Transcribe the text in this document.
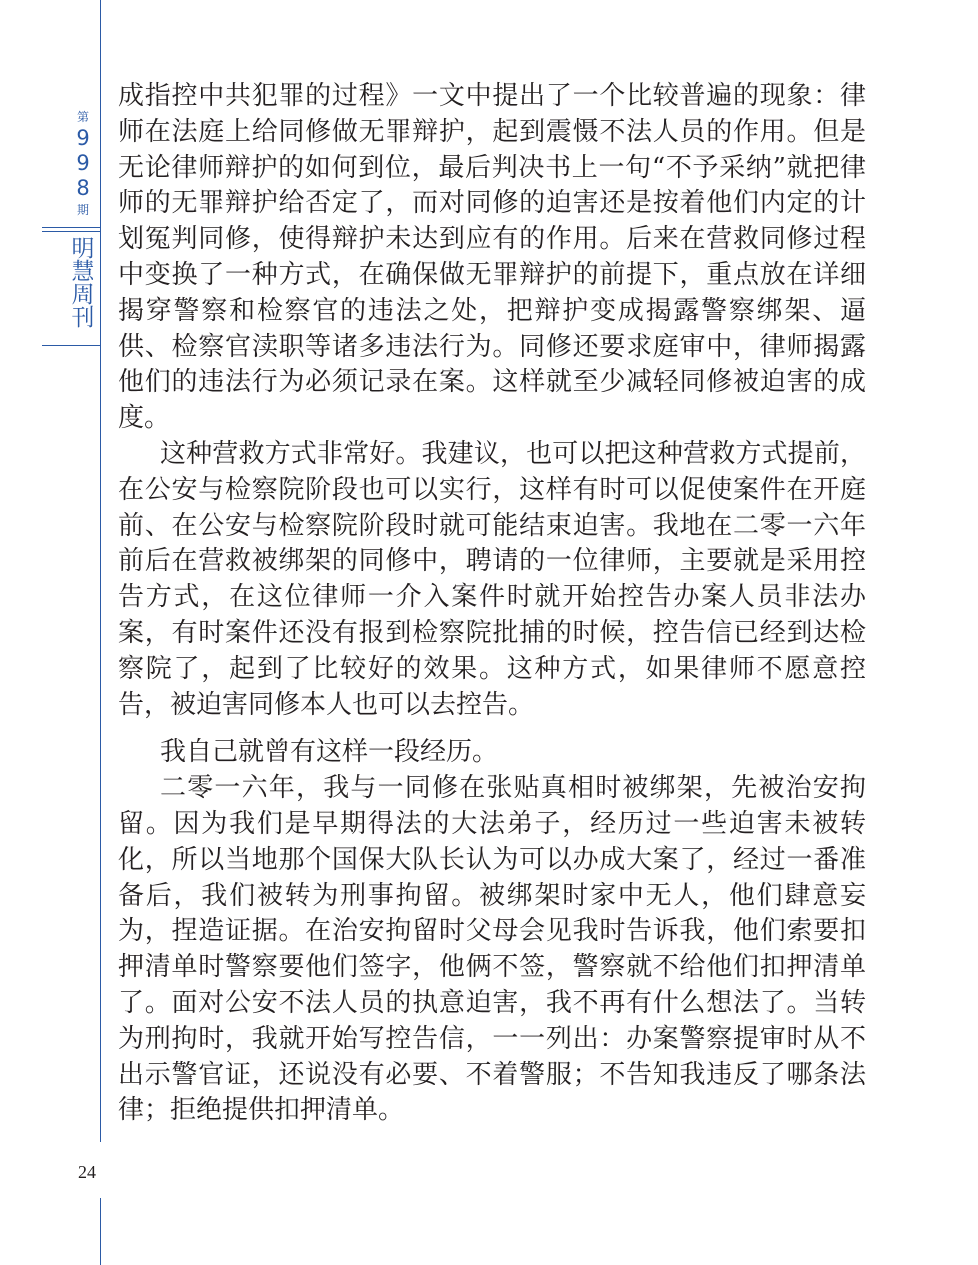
第
9
9
8
期
明
慧
周
刊
24

成指控中共犯罪的过程》一文中提出了一个比较普遍的现象：律师在法庭上给同修做无罪辩护，起到震慑不法人员的作用。但是无论律师辩护的如何到位，最后判决书上一句“不予采纳”就把律师的无罪辩护给否定了，而对同修的迫害还是按着他们内定的计划冤判同修，使得辩护未达到应有的作用。后来在营救同修过程中变换了一种方式，在确保做无罪辩护的前提下，重点放在详细揭穿警察和检察官的违法之处，把辩护变成揭露警察绑架、逼供、检察官渎职等诸多违法行为。同修还要求庭审中，律师揭露他们的违法行为必须记录在案。这样就至少减轻同修被迫害的成度。

这种营救方式非常好。我建议，也可以把这种营救方式提前，在公安与检察院阶段也可以实行，这样有时可以促使案件在开庭前、在公安与检察院阶段时就可能结束迫害。我地在二零一六年前后在营救被绑架的同修中，聘请的一位律师，主要就是采用控告方式，在这位律师一介入案件时就开始控告办案人员非法办案，有时案件还没有报到检察院批捕的时候，控告信已经到达检察院了，起到了比较好的效果。这种方式，如果律师不愿意控告，被迫害同修本人也可以去控告。

我自己就曾有这样一段经历。

二零一六年，我与一同修在张贴真相时被绑架，先被治安拘留。因为我们是早期得法的大法弟子，经历过一些迫害未被转化，所以当地那个国保大队长认为可以办成大案了，经过一番准备后，我们被转为刑事拘留。被绑架时家中无人，他们肆意妄为，捏造证据。在治安拘留时父母会见我时告诉我，他们索要扣押清单时警察要他们签字，他俩不签，警察就不给他们扣押清单了。面对公安不法人员的执意迫害，我不再有什么想法了。当转为刑拘时，我就开始写控告信，一一列出：办案警察提审时从不出示警官证，还说没有必要、不着警服；不告知我违反了哪条法律；拒绝提供扣押清单。
